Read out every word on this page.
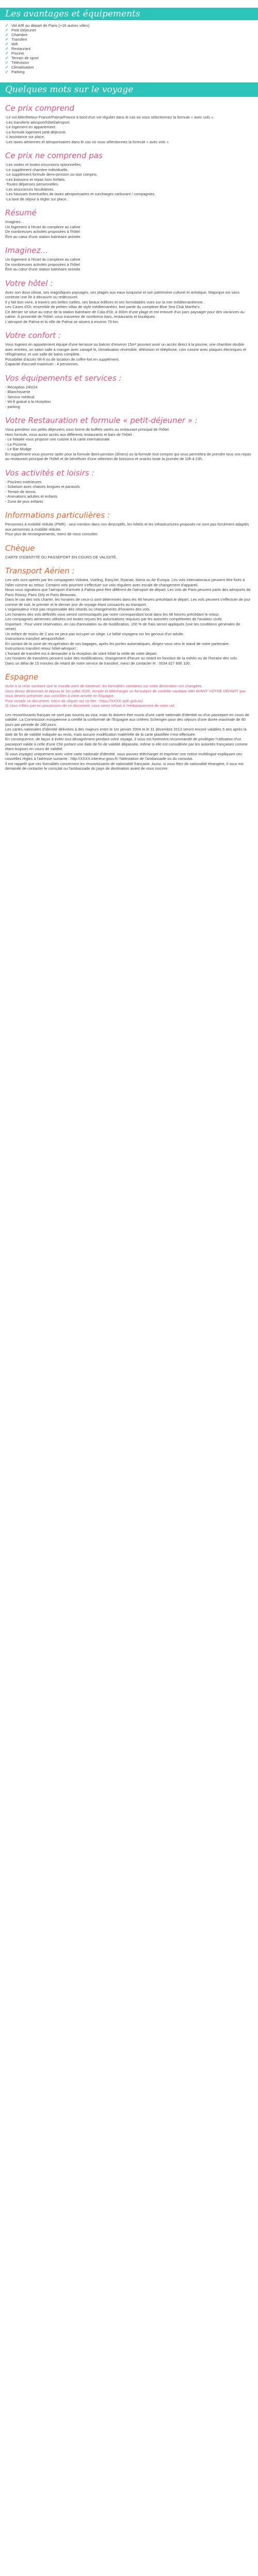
Les avantages et équipements
✓ Vol A/R au départ de Paris (+16 autres villes)
✓ Petit Déjeuner
✓ Chambre
✓ Transfert
✓ Wifi
✓ Restaurant
✓ Piscine
✓ Terrain de sport
✓ Télévision
✓ Climatisation
✓ Parking
Quelques mots sur le voyage
Ce prix comprend

-Le vol Aller/Retour France/Palma/France à bord d'un vol régulier dans le cas où vous sélectionnez la formule « avec vols ».

-Les transferts aéroport/hôtel/aéroport.

-Le logement en appartement.

-La formule logement petit-déjeuner.

-L'assistance sur place.

-Les taxes aériennes et aéroportuaires dans le cas où vous sélectionnez la formule « avec vols ».

Ce prix ne comprend pas

-Les visites et toutes excursions optionnelles.

-Le supplément chambre individuelle.

-Le supplément formule demi-pension ou tout compris.

-Les boissons et repas hors forfaits.

-Toutes dépenses personnelles.

-Les assurances facultatives.

-Les hausses éventuelles de taxes aéroportuaires et surcharges carburant / compagnies.

-La taxe de séjour à régler sur place.

Résumé

Imaginez...

Un logement à l'écart du complexe au calme

De nombreuses activités proposées à l'hôtel

Être au cœur d'une station balnéaire animée

Imaginez...

Un logement à l'écart du complexe au calme

De nombreuses activités proposées à l'hôtel

Être au cœur d'une station balnéaire animée

Votre hôtel :

Avec son doux climat, ses magnifiques paysages, ses plages aux eaux turquoise et son patrimoine culturel et artistique, Majorque est sans conteste une île à découvrir ou redécouvrir.

Il y fait bon vivre, à travers ses belles ruelles, ses beaux édifices et ses formidables vues sur la mer méditerranéenne.

Les Cases d'Or, ensemble de petites villas de style méditerranéen, font partie du complexe Blue Sea Club Marthe's.

Ce dernier se situe au cœur de la station balnéaire de Cala d'Or, à 300m d'une plage et est entouré d'un parc paysager pour des vacances au calme. À proximité de l'hôtel, vous trouverez de nombreux bars, restaurants et boutiques.

L'aéroport de Palma et la ville de Palma se situent à environ 70 km.

Votre confort :

Vous logerez en appartement équipé d'une terrasse ou balcon d'environ 15m² pouvant avoir un accès direct à la piscine, une chambre double avec entrées, un salon salle à manger avec canapé lit, climatisation réversible, télévision et téléphone, coin cuisine avec plaques électriques et réfrigérateur, et une salle de bains complète.

Possibilité d'accès Wi-fi ou de location de coffre-fort en supplément.

Capacité d'accueil maximum : 4 personnes.

Vos équipements et services :
- Réception 24h/24
- Blanchisserie
- Service médical
- Wi-fi gratuit à la réception
- parking
Votre Restauration et formule « petit-déjeuner » :

Vous prendrez vos petits déjeuners sous forme de buffets variés au restaurant principal de l'hôtel.

Hors formule, vous aurez accès aux différents restaurants et bars de l'hôtel :

- Le Natalie vous propose une cuisine à la carte internationale
- La Pizzeria
- Le Bar Mudge

En supplément vous pourrez opter pour la formule demi-pension (dîners) ou la formule tout compris qui vous permettra de prendre tous vos repas au restaurant principal de l'hôtel et de bénéficier d'une sélection de boissons et snacks toute la journée de 10h à 23h.

Vos activités et loisirs :
- Piscines extérieures
- Solarium avec chaises longues et parasols
- Terrain de tennis
- Animations adultes et enfants
- Zone de jeux enfants
Informations particulières :

Personnes à mobilité réduite (PMR) : seul mention dans nos descriptifs, les hôtels et les infrastructures proposés ne sont pas forcément adaptés aux personnes à mobilité réduite.

Pour plus de renseignements, merci de nous consulter.

Chèque

CARTE D'IDENTITÉ OU PASSEPORT EN COURS DE VALIDITÉ.

Transport Aérien :

Les vols sont opérés par les compagnies Volotea, Vueling, EasyJet, Ryanair, Iberia ou Air Europa. Les vols internationaux peuvent être fixés à l'aller comme au retour. Certains vols pourront s'effectuer sur vols réguliers avec escale de changement d'appareil.

Nous vous signalons que l'aéroport d'arrivée à Palma peut être différent de l'aéroport de départ. Les vols de Paris peuvent partir des aéroports de Paris Roissy, Paris Orly et Paris Beauvais.

Dans le cas des vols charter, les horaires de ceux-ci sont déterminés dans les 48 heures précédant le départ. Les vols peuvent s'effectuer de jour comme de nuit, le premier et le dernier jour de voyage étant consacrés au transport.

L'organisateur n'est pas responsable des retards ou changements d'horaires des vols.

Les horaires des vols définitifs vous seront communiqués par notre correspondant local dans les 48 heures précédant le retour.

Les compagnies aériennes utilisées ont toutes reçues les autorisations requises par les autorités compétentes de l'aviation civile.

Important : Pour votre réservation, en cas d'annulation ou de modification, 100 % de frais seront appliqués (voir les conditions générales de vente).

Un enfant de moins de 2 ans ne peut pas occuper un siège. Le bébé voyagera sur les genoux d'un adulte.

Instructions transfert aéroport/hôtel :

En sortant de la zone de récupération de vos bagages, après les portes automatiques, dirigez-vous vers le stand de notre partenaire.

Instructions transfert retour hôtel-aéroport :

L'horaire de transfert est à demander à la réception de votre hôtel la veille de votre départ.

Les horaires de transferts peuvent subir des modifications, changement d'heure ou retard en fonction de la météo ou de l'horaire des vols.

Dans un délai de 15 minutes de retard de votre service de transfert, merci de contacter le : 0034 627 895 100.

Espagne

Suite à la crise sanitaire que le monde vient de traverser, les formalités sanitaires sur votre destination ont changées.

Vous devez désormais et depuis le 1er juillet 2020, remplir et télécharger un formulaire de contrôle sanitaire 48H AVANT VOTRE DÉPART que vous devrez présenter aux contrôles à votre arrivée en Espagne.

Pour remplir ce document, merci de cliquer sur ce lien : https://XXXX.spth.gob.es/

Si vous n'êtes pas en possession de ce document, vous serez refusé à l'embarquement de votre vol.

Les ressortissants français ne sont pas soumis au visa, mais ils doivent être munis d'une carte nationale d'identité ou d'un passeport en cours de validité. La Commission européenne a certifié la conformité de l'Espagne aux critères Schengen pour des séjours d'une durée maximale de 90 jours par période de 180 jours.

Les cartes nationales d'identité délivrées à des majeurs entre le 1er janvier 2004 et le 31 décembre 2013 seront encore valables 5 ans après la date de fin de validité indiquée au recto, mais aucune modification matérielle de la carte plastifiée n'est effectuée.

En conséquence, de façon à éviter tout désagrément pendant votre voyage, il vous est fortement recommandé de privilégier l'utilisation d'un passeport valide à celle d'une CNI portant une date de fin de validité dépassée, même si elle est considérée par les autorités françaises comme étant toujours en cours de validité.

Si vous voyagez uniquement avec votre carte nationale d'identité, vous pouvez télécharger et imprimer une notice multilingue expliquant ces nouvelles règles à l'adresse suivante : http://XXXX.interieur.gouv.fr/ l'attestation de l'ambassade ou du consulat.

Il est rappelé que ces formalités concernent les ressortissants de nationalité française. Aussi, si vous êtes de nationalité étrangère, il vous est demandé de contacter le consulat ou l'ambassade du pays de destination avant de vous inscrire.
